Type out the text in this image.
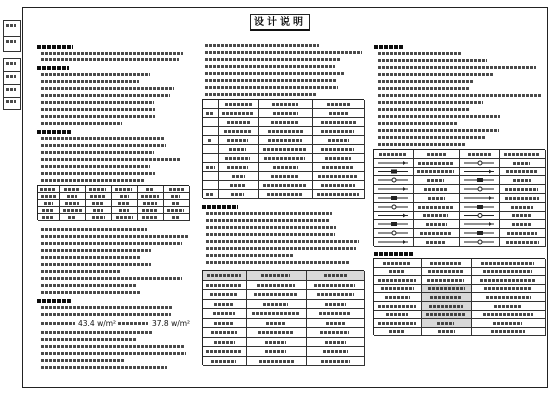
设计说明
43.4 w/m²	37.8 w/m²
